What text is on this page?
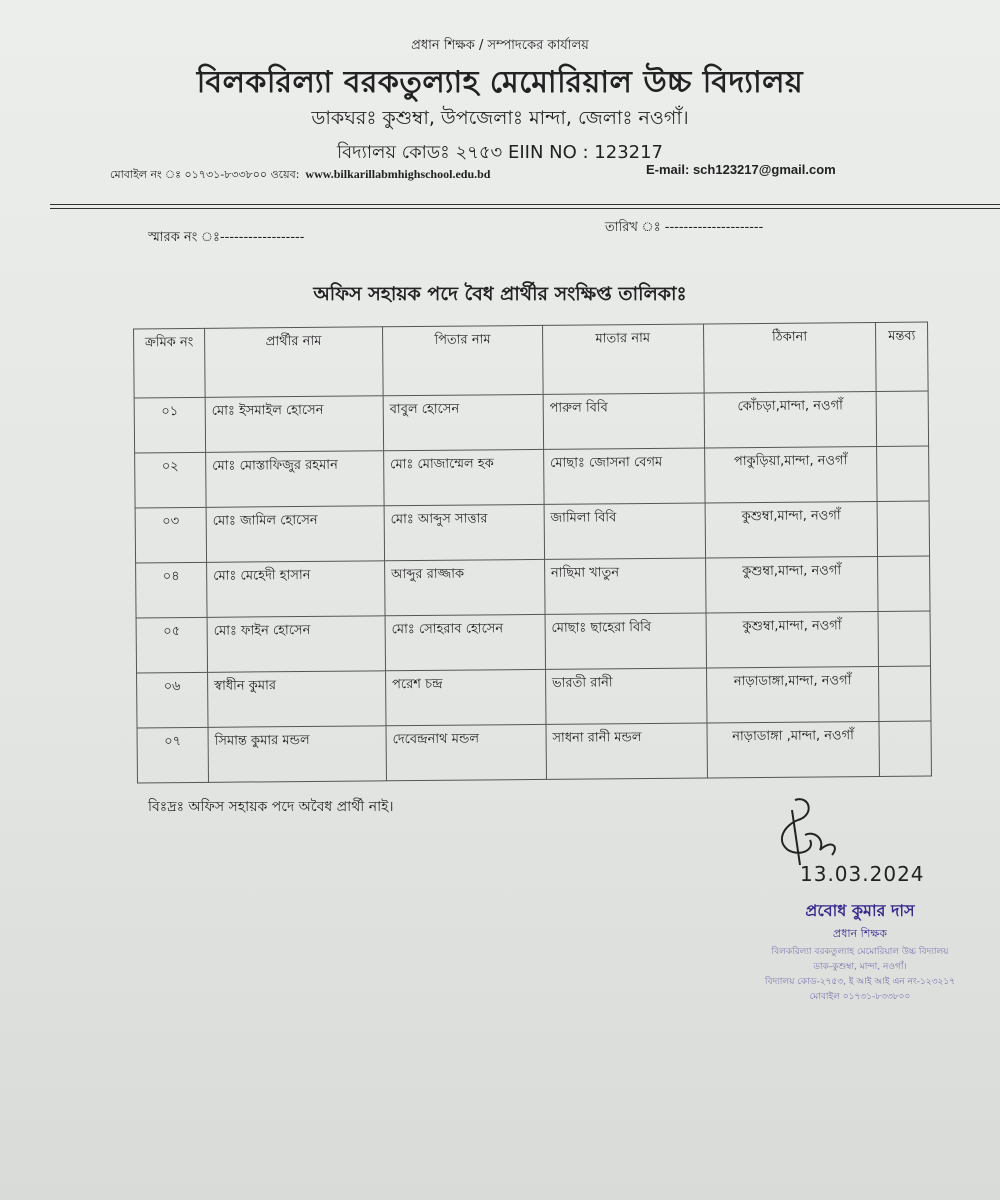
প্রধান শিক্ষক / সম্পাদকের কার্যালয়
বিলকরিল্যা বরকতুল্যাহ মেমোরিয়াল উচ্চ বিদ্যালয়
ডাকঘরঃ কুশুম্বা, উপজেলাঃ মান্দা, জেলাঃ নওগাঁ।
বিদ্যালয় কোডঃ ২৭৫৩ EIIN NO : 123217
মোবাইল নং ঃ ০১৭৩১-৮৩৩৮০০ ওয়েব: www.bilkarillabmhighschool.edu.bd	E-mail: sch123217@gmail.com
স্মারক নং ঃ------------------
তারিখ ঃ ---------------------
অফিস সহায়ক পদে বৈধ প্রার্থীর সংক্ষিপ্ত তালিকাঃ
ক্রমিক নং	প্রার্থীর নাম	পিতার নাম	মাতার নাম	ঠিকানা	মন্তব্য
০১	মোঃ ইসমাইল হোসেন	বাবুল হোসেন	পারুল বিবি	কোঁচড়া,মান্দা, নওগাঁ	
০২	মোঃ মোস্তাফিজুর রহমান	মোঃ মোজাম্মেল হক	মোছাঃ জোসনা বেগম	পাকুড়িয়া,মান্দা, নওগাঁ	
০৩	মোঃ জামিল হোসেন	মোঃ আব্দুস সাত্তার	জামিলা বিবি	কুশুম্বা,মান্দা, নওগাঁ	
০৪	মোঃ মেহেদী হাসান	আব্দুর রাজ্জাক	নাছিমা খাতুন	কুশুম্বা,মান্দা, নওগাঁ	
০৫	মোঃ ফাইন হোসেন	মোঃ সোহরাব হোসেন	মোছাঃ ছাহেরা বিবি	কুশুম্বা,মান্দা, নওগাঁ	
০৬	স্বাধীন কুমার	পরেশ চন্দ্র	ভারতী রানী	নাড়াডাঙ্গা,মান্দা, নওগাঁ	
০৭	সিমান্ত কুমার মন্ডল	দেবেন্দ্রনাথ মন্ডল	সাধনা রানী মন্ডল	নাড়াডাঙ্গা ,মান্দা, নওগাঁ	
বিঃদ্রঃ অফিস সহায়ক পদে অবৈধ প্রার্থী নাই।
13.03.2024
প্রবোধ কুমার দাস
প্রধান শিক্ষক
বিলকরিল্যা বরকতুল্যাহ মেমোরিয়াল উচ্চ বিদ্যালয়
ডাক-কুশুম্বা, মান্দা, নওগাঁ।
বিদ্যালয় কোড-২৭৫৩, ই আই আই এন নং-১২৩২১৭
মোবাইল ০১৭৩১-৮৩৩৮০০
